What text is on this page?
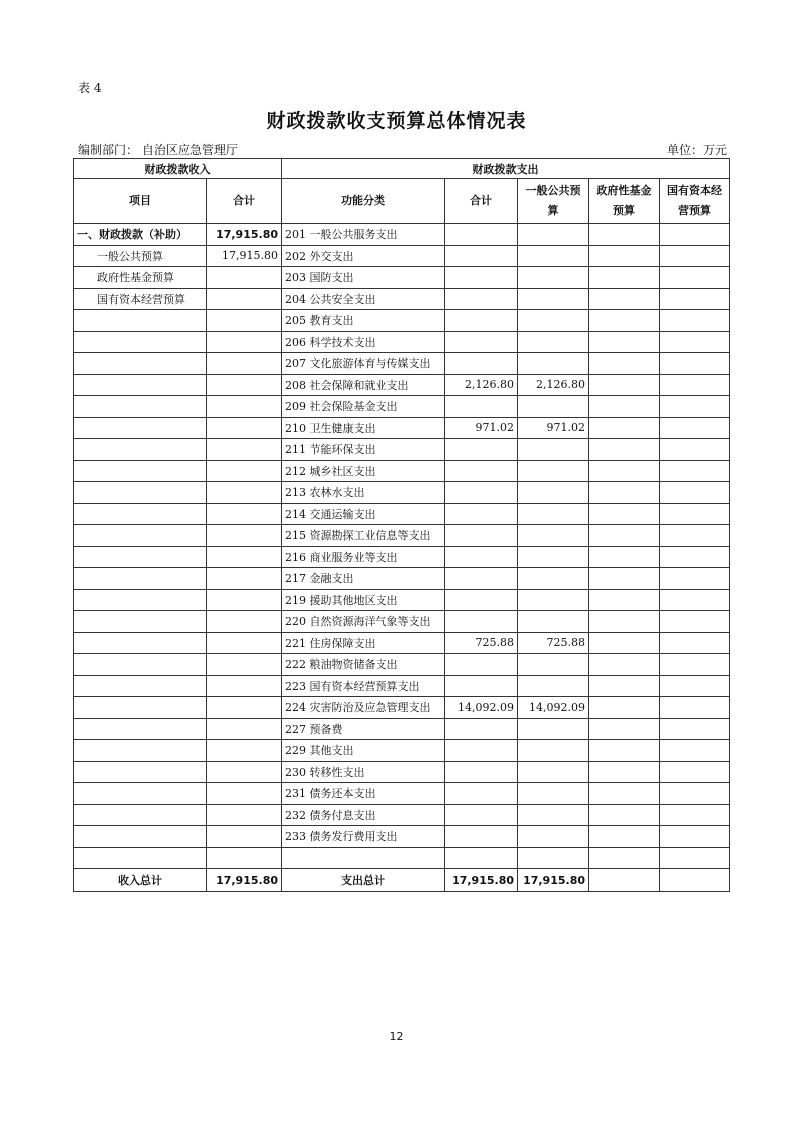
表 4
财政拨款收支预算总体情况表
编制部门： 自治区应急管理厅	单位：万元
财政拨款收入		财政拨款支出				
项目	合计	功能分类	合计	一般公共预算	政府性基金预算	国有资本经营预算
一、财政拨款（补助）	17,915.80	201 一般公共服务支出				
一般公共预算	17,915.80	202 外交支出				
政府性基金预算		203 国防支出				
国有资本经营预算		204 公共安全支出				
		205 教育支出				
		206 科学技术支出				
		207 文化旅游体育与传媒支出				
		208 社会保障和就业支出	2,126.80	2,126.80		
		209 社会保险基金支出				
		210 卫生健康支出	971.02	971.02		
		211 节能环保支出				
		212 城乡社区支出				
		213 农林水支出				
		214 交通运输支出				
		215 资源勘探工业信息等支出				
		216 商业服务业等支出				
		217 金融支出				
		219 援助其他地区支出				
		220 自然资源海洋气象等支出				
		221 住房保障支出	725.88	725.88		
		222 粮油物资储备支出				
		223 国有资本经营预算支出				
		224 灾害防治及应急管理支出	14,092.09	14,092.09		
		227 预备费				
		229 其他支出				
		230 转移性支出				
		231 债务还本支出				
		232 债务付息支出				
		233 债务发行费用支出				

收入总计	17,915.80	支出总计	17,915.80	17,915.80		
12
